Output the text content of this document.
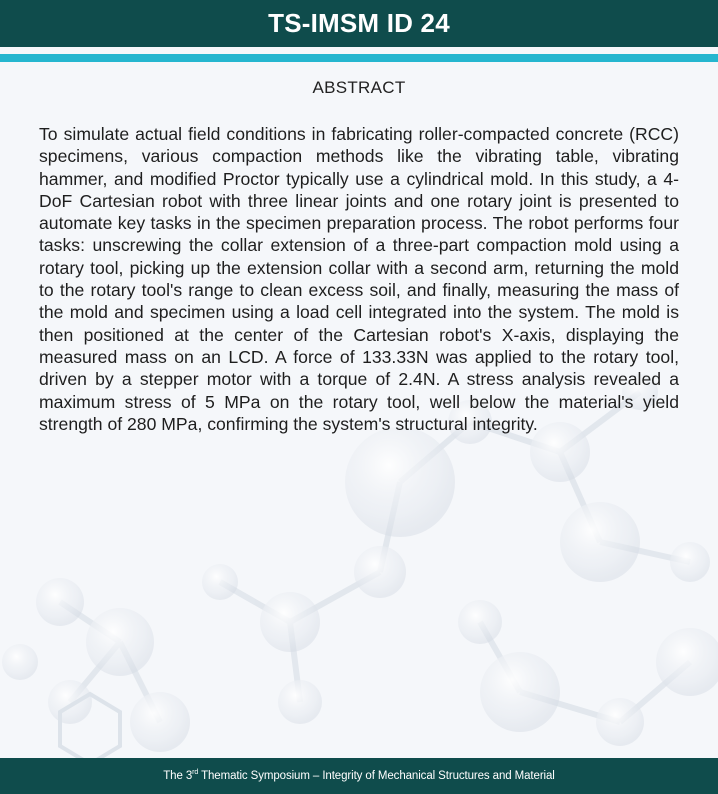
TS-IMSM ID 24
ABSTRACT

To simulate actual field conditions in fabricating roller-compacted concrete (RCC) specimens, various compaction methods like the vibrating table, vibrating hammer, and modified Proctor typically use a cylindrical mold. In this study, a 4-DoF Cartesian robot with three linear joints and one rotary joint is presented to automate key tasks in the specimen preparation process. The robot performs four tasks: unscrewing the collar extension of a three-part compaction mold using a rotary tool, picking up the extension collar with a second arm, returning the mold to the rotary tool's range to clean excess soil, and finally, measuring the mass of the mold and specimen using a load cell integrated into the system. The mold is then positioned at the center of the Cartesian robot's X-axis, displaying the measured mass on an LCD. A force of 133.33N was applied to the rotary tool, driven by a stepper motor with a torque of 2.4N. A stress analysis revealed a maximum stress of 5 MPa on the rotary tool, well below the material's yield strength of 280 MPa, confirming the system's structural integrity.

The 3rd Thematic Symposium – Integrity of Mechanical Structures and Material
